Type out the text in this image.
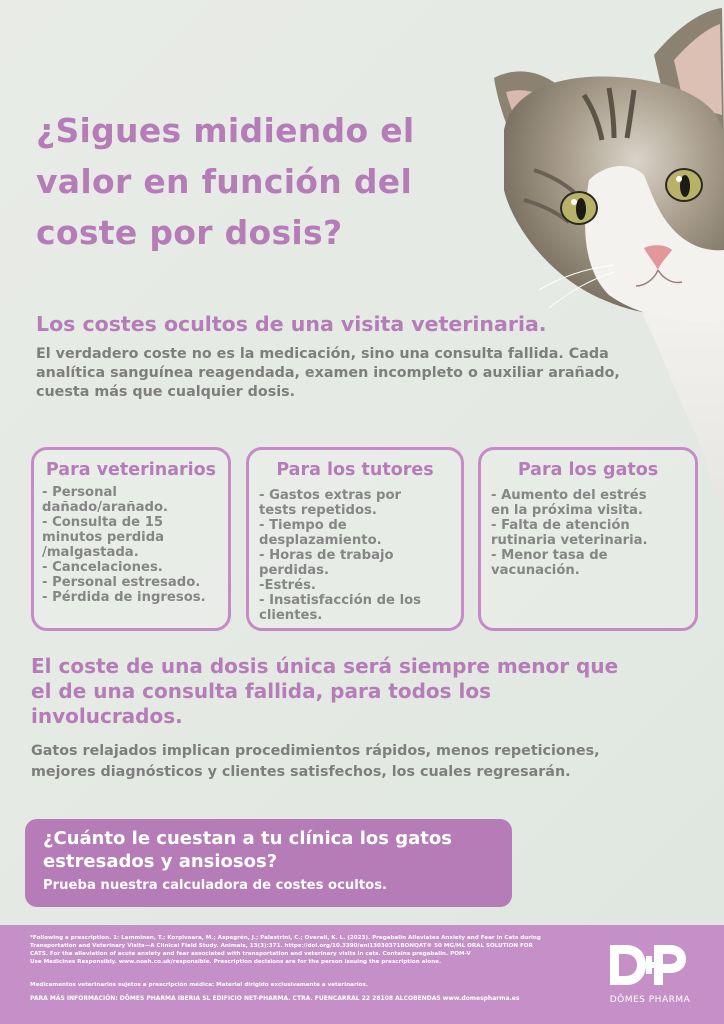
¿Sigues midiendo el
valor en función del
coste por dosis?
Los costes ocultos de una visita veterinaria.
El verdadero coste no es la medicación, sino una consulta fallida. Cada
analítica sanguínea reagendada, examen incompleto o auxiliar arañado,
cuesta más que cualquier dosis.
Para veterinarios
- Personal
dañado/arañado.
- Consulta de 15
minutos perdida
/malgastada.
- Cancelaciones.
- Personal estresado.
- Pérdida de ingresos.
Para los tutores
- Gastos extras por
tests repetidos.
- Tiempo de
desplazamiento.
- Horas de trabajo
perdidas.
-Estrés.
- Insatisfacción de los
clientes.
Para los gatos
- Aumento del estrés
en la próxima visita.
- Falta de atención
rutinaria veterinaria.
- Menor tasa de
vacunación.
El coste de una dosis única será siempre menor que
el de una consulta fallida, para todos los
involucrados.
Gatos relajados implican procedimientos rápidos, menos repeticiones,
mejores diagnósticos y clientes satisfechos, los cuales regresarán.
¿Cuánto le cuestan a tu clínica los gatos
estresados y ansiosos?
Prueba nuestra calculadora de costes ocultos.
*Following a prescription. 1: Lamminen, T.; Korpivaara, M.; Aspegrén, J.; Palestrini, C.; Overall, K. L. (2023). Pregabalin Alleviates Anxiety and Fear in Cats during
Transportation and Veterinary Visits—A Clinical Field Study. Animals, 13(3):371. https://doi.org/10.3390/ani13030371BONQAT® 50 MG/ML ORAL SOLUTION FOR
CATS. For the alleviation of acute anxiety and fear associated with transportation and veterinary visits in cats. Contains pregabalin. POM-V
Use Medicines Responsibly. www.noah.co.uk/responsible. Prescription decisions are for the person issuing the prescription alone.
Medicamentos veterinarios sujetos a prescripción médica: Material dirigido exclusivamente a veterinarios.
PARA MÁS INFORMACIÓN: DÔMES PHARMA IBERIA SL EDIFICIO NET-PHARMA. CTRA. FUENCARRAL 22 28108 ALCOBENDAS www.domespharma.es	DÔMES PHARMA
